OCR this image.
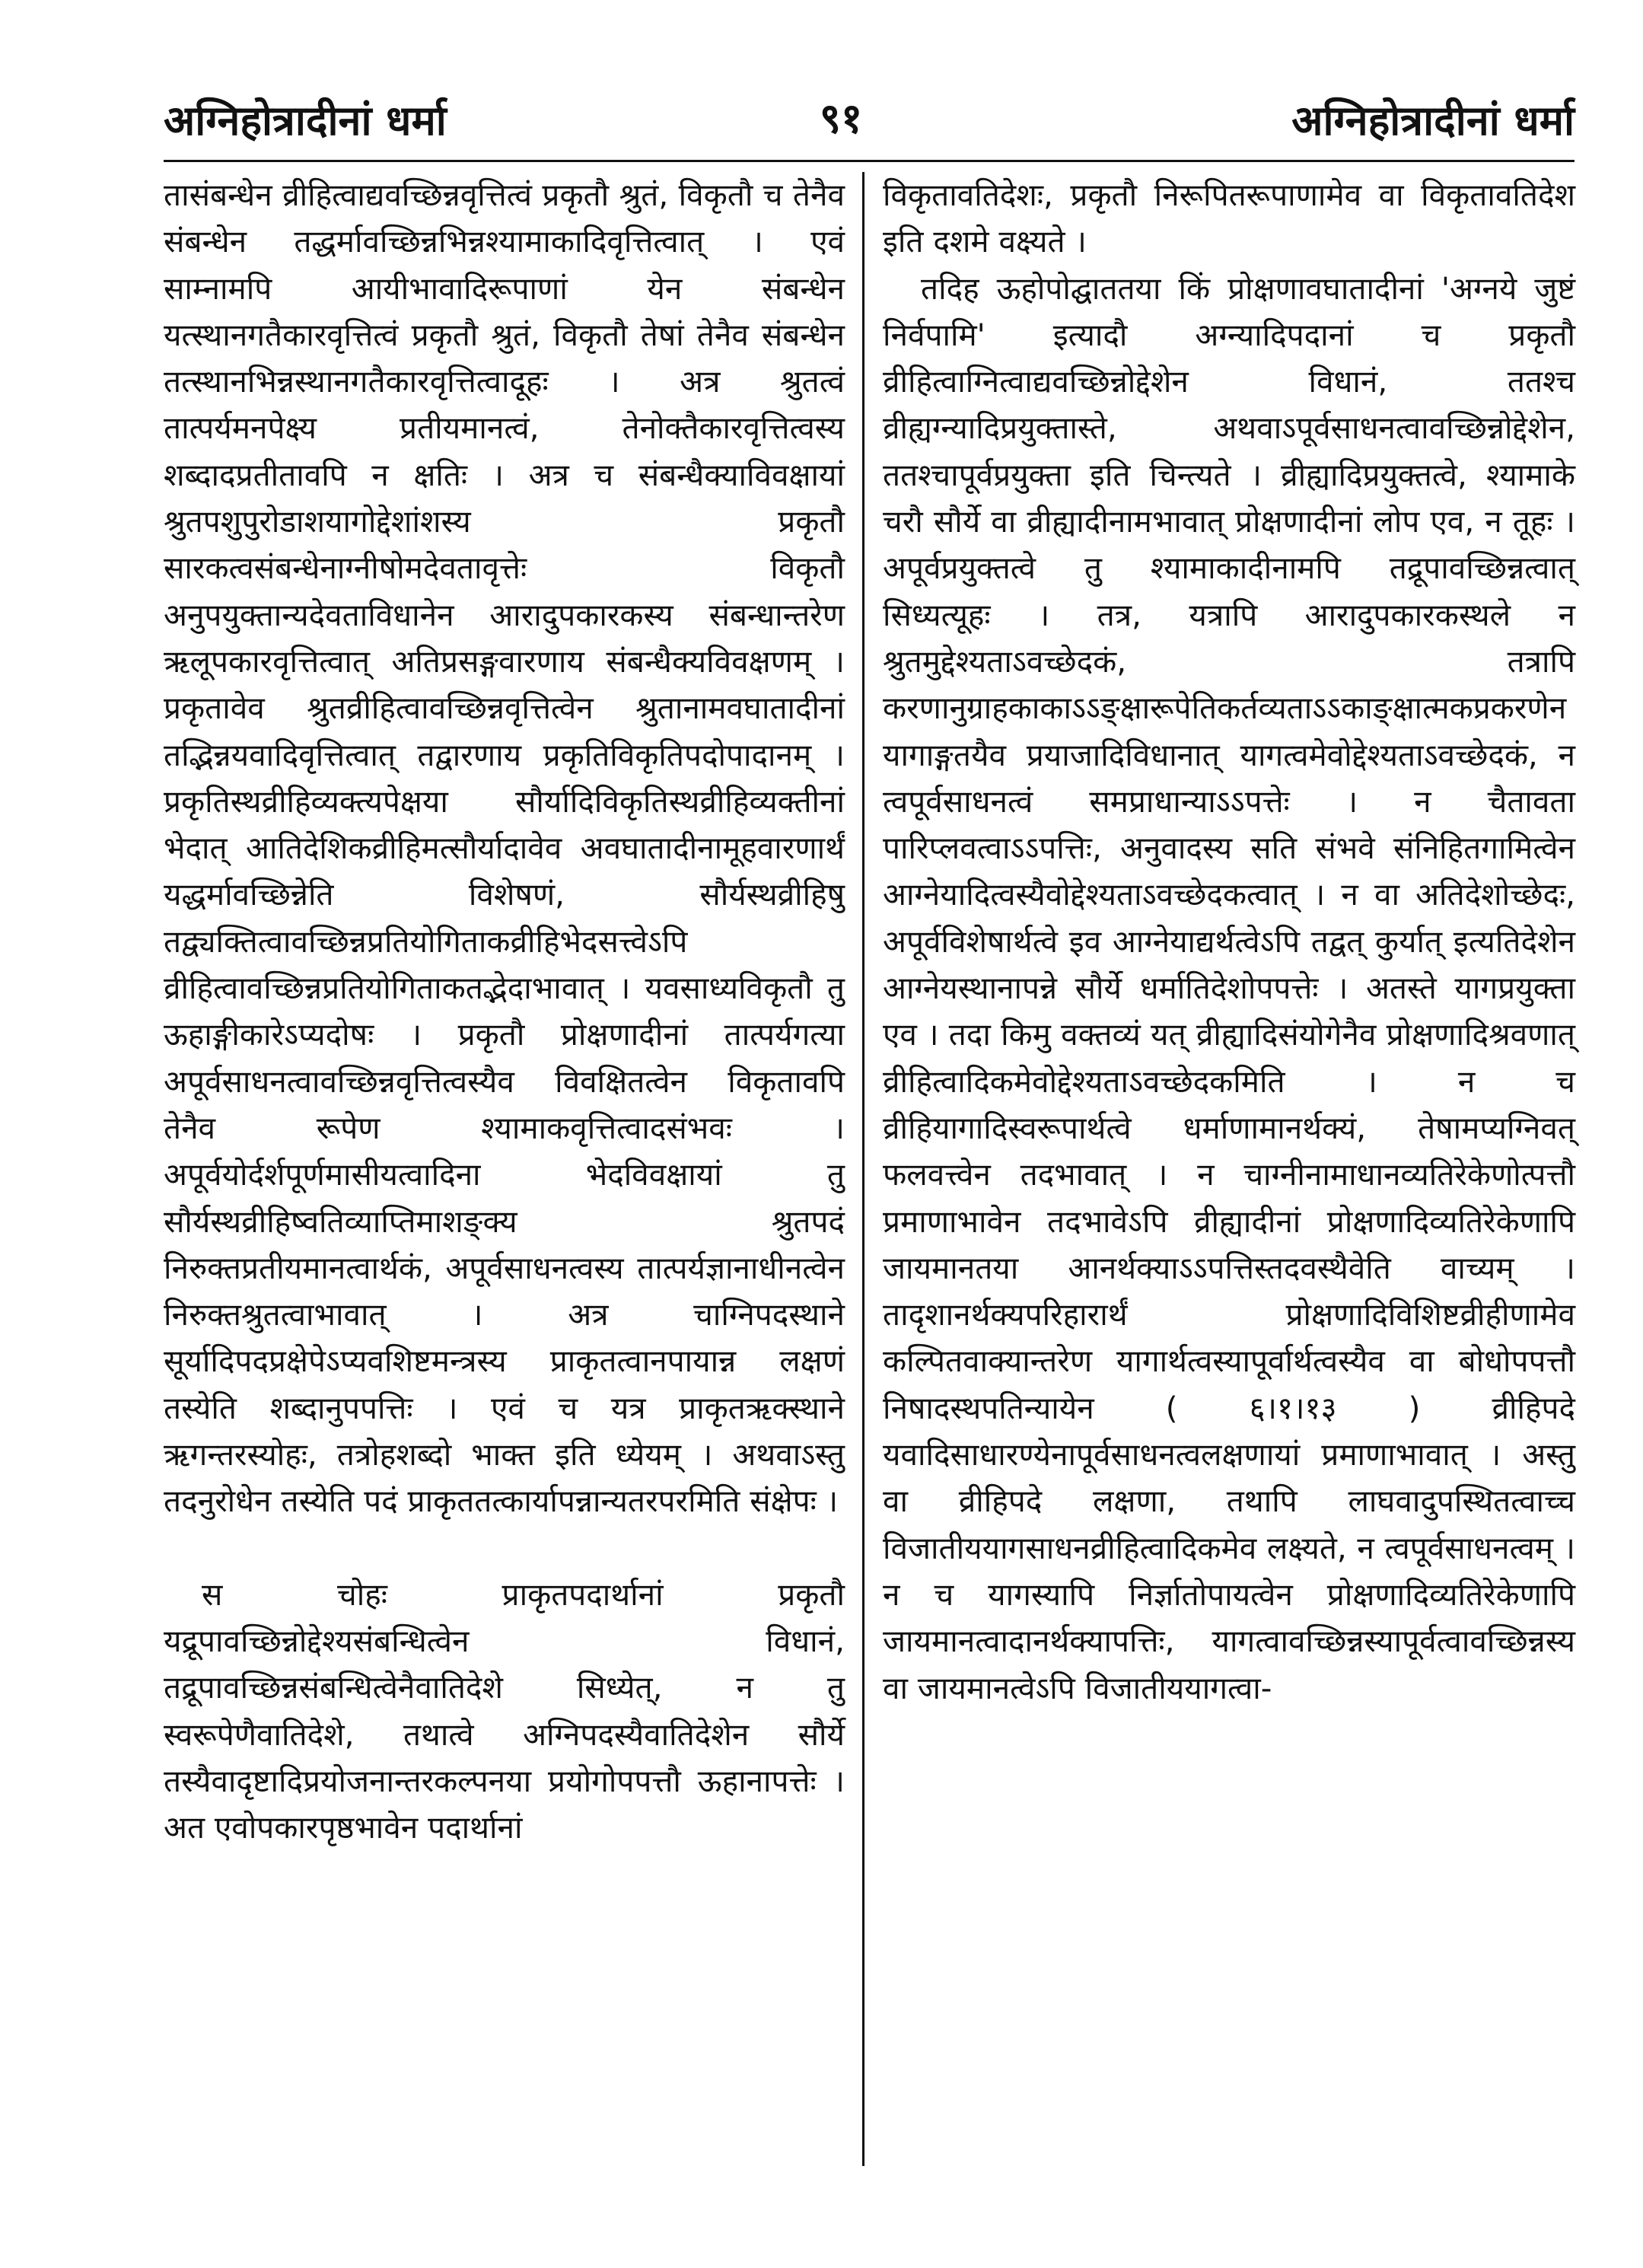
अग्निहोत्रादीनां धर्मा	अग्निहोत्रादीनां धर्मा
९१

तासंबन्धेन व्रीहित्वाद्यवच्छिन्नवृत्तित्वं प्रकृतौ श्रुतं, विकृतौ च तेनैव संबन्धेन तद्धर्मावच्छिन्नभिन्नश्यामाकादिवृत्तित्वात् । एवं साम्नामपि आयीभावादिरूपाणां येन संबन्धेन यत्स्थानगतैकारवृत्तित्वं प्रकृतौ श्रुतं, विकृतौ तेषां तेनैव संबन्धेन तत्स्थानभिन्नस्थानगतैकारवृत्तित्वादूहः । अत्र श्रुतत्वं तात्पर्यमनपेक्ष्य प्रतीयमानत्वं, तेनोक्तैकारवृत्तित्वस्य शब्दादप्रतीतावपि न क्षतिः । अत्र च संबन्धैक्याविवक्षायां श्रुतपशुपुरोडाशयागोद्देशांशस्य प्रकृतौ सारकत्वसंबन्धेनाग्नीषोमदेवतावृत्तेः विकृतौ अनुपयुक्तान्यदेवताविधानेन आरादुपकारकस्य संबन्धान्तरेण ऋलूपकारवृत्तित्वात् अतिप्रसङ्गवारणाय संबन्धैक्यविवक्षणम् । प्रकृतावेव श्रुतव्रीहित्वावच्छिन्नवृत्तित्वेन श्रुतानामवघातादीनां तद्भिन्नयवादिवृत्तित्वात् तद्वारणाय प्रकृतिविकृतिपदोपादानम् । प्रकृतिस्थव्रीहिव्यक्त्यपेक्षया सौर्यादिविकृतिस्थव्रीहिव्यक्तीनां भेदात् आतिदेशिकव्रीहिमत्सौर्यादावेव अवघातादीनामूहवारणार्थं यद्धर्मावच्छिन्नेति विशेषणं, सौर्यस्थव्रीहिषु तद्व्यक्तित्वावच्छिन्नप्रतियोगिताकव्रीहिभेदसत्त्वेऽपि व्रीहित्वावच्छिन्नप्रतियोगिताकतद्भेदाभावात् । यवसाध्यविकृतौ तु ऊहाङ्गीकारेऽप्यदोषः । प्रकृतौ प्रोक्षणादीनां तात्पर्यगत्या अपूर्वसाधनत्वावच्छिन्नवृत्तित्वस्यैव विवक्षितत्वेन विकृतावपि तेनैव रूपेण श्यामाकवृत्तित्वादसंभवः । अपूर्वयोर्दर्शपूर्णमासीयत्वादिना भेदविवक्षायां तु सौर्यस्थव्रीहिष्वतिव्याप्तिमाशङ्क्य श्रुतपदं निरुक्तप्रतीयमानत्वार्थकं, अपूर्वसाधनत्वस्य तात्पर्यज्ञानाधीनत्वेन निरुक्तश्रुतत्वाभावात् । अत्र चाग्निपदस्थाने सूर्यादिपदप्रक्षेपेऽप्यवशिष्टमन्त्रस्य प्राकृतत्वानपायान्न लक्षणं तस्येति शब्दानुपपत्तिः । एवं च यत्र प्राकृतऋक्स्थाने ऋगन्तरस्योहः, तत्रोहशब्दो भाक्त इति ध्येयम् । अथवाऽस्तु तदनुरोधेन तस्येति पदं प्राकृततत्कार्यापन्नान्यतरपरमिति संक्षेपः ।

स चोहः प्राकृतपदार्थानां प्रकृतौ यद्रूपावच्छिन्नोद्देश्यसंबन्धित्वेन विधानं, तद्रूपावच्छिन्नसंबन्धित्वेनैवातिदेशे सिध्येत्, न तु स्वरूपेणैवातिदेशे, तथात्वे अग्निपदस्यैवातिदेशेन सौर्ये तस्यैवादृष्टादिप्रयोजनान्तरकल्पनया प्रयोगोपपत्तौ ऊहानापत्तेः । अत एवोपकारपृष्ठभावेन पदार्थानां

विकृतावतिदेशः, प्रकृतौ निरूपितरूपाणामेव वा विकृतावतिदेश इति दशमे वक्ष्यते ।

तदिह ऊहोपोद्घाततया किं प्रोक्षणावघातादीनां 'अग्नये जुष्टं निर्वपामि' इत्यादौ अग्न्यादिपदानां च प्रकृतौ व्रीहित्वाग्नित्वाद्यवच्छिन्नोद्देशेन विधानं, ततश्च व्रीह्यग्न्यादिप्रयुक्तास्ते, अथवाऽपूर्वसाधनत्वावच्छिन्नोद्देशेन, ततश्चापूर्वप्रयुक्ता इति चिन्त्यते । व्रीह्यादिप्रयुक्तत्वे, श्यामाके चरौ सौर्ये वा व्रीह्यादीनामभावात् प्रोक्षणादीनां लोप एव, न तूहः । अपूर्वप्रयुक्तत्वे तु श्यामाकादीनामपि तद्रूपावच्छिन्नत्वात् सिध्यत्यूहः । तत्र, यत्रापि आरादुपकारकस्थले न श्रुतमुद्देश्यताऽवच्छेदकं, तत्रापि करणानुग्राहकाकाऽऽङ्क्षारूपेतिकर्तव्यताऽऽकाङ्क्षात्मकप्रकरणेन यागाङ्गतयैव प्रयाजादिविधानात् यागत्वमेवोद्देश्यताऽवच्छेदकं, न त्वपूर्वसाधनत्वं समप्राधान्याऽऽपत्तेः । न चैतावता पारिप्लवत्वाऽऽपत्तिः, अनुवादस्य सति संभवे संनिहितगामित्वेन आग्नेयादित्वस्यैवोद्देश्यताऽवच्छेदकत्वात् । न वा अतिदेशोच्छेदः, अपूर्वविशेषार्थत्वे इव आग्नेयाद्यर्थत्वेऽपि तद्वत् कुर्यात् इत्यतिदेशेन आग्नेयस्थानापन्ने सौर्ये धर्मातिदेशोपपत्तेः । अतस्ते यागप्रयुक्ता एव । तदा किमु वक्तव्यं यत् व्रीह्यादिसंयोगेनैव प्रोक्षणादिश्रवणात् व्रीहित्वादिकमेवोद्देश्यताऽवच्छेदकमिति । न च व्रीहियागादिस्वरूपार्थत्वे धर्माणामानर्थक्यं, तेषामप्यग्निवत् फलवत्त्वेन तदभावात् । न चाग्नीनामाधानव्यतिरेकेणोत्पत्तौ प्रमाणाभावेन तदभावेऽपि व्रीह्यादीनां प्रोक्षणादिव्यतिरेकेणापि जायमानतया आनर्थक्याऽऽपत्तिस्तदवस्थैवेति वाच्यम् । तादृशानर्थक्यपरिहारार्थं प्रोक्षणादिविशिष्टव्रीहीणामेव कल्पितवाक्यान्तरेण यागार्थत्वस्यापूर्वार्थत्वस्यैव वा बोधोपपत्तौ निषादस्थपतिन्यायेन ( ६।१।१३ ) व्रीहिपदे यवादिसाधारण्येनापूर्वसाधनत्वलक्षणायां प्रमाणाभावात् । अस्तु वा व्रीहिपदे लक्षणा, तथापि लाघवादुपस्थितत्वाच्च विजातीययागसाधनव्रीहित्वादिकमेव लक्ष्यते, न त्वपूर्वसाधनत्वम् । न च यागस्यापि निर्ज्ञातोपायत्वेन प्रोक्षणादिव्यतिरेकेणापि जायमानत्वादानर्थक्यापत्तिः, यागत्वावच्छिन्नस्यापूर्वत्वावच्छिन्नस्य वा जायमानत्वेऽपि विजातीययागत्वा-
